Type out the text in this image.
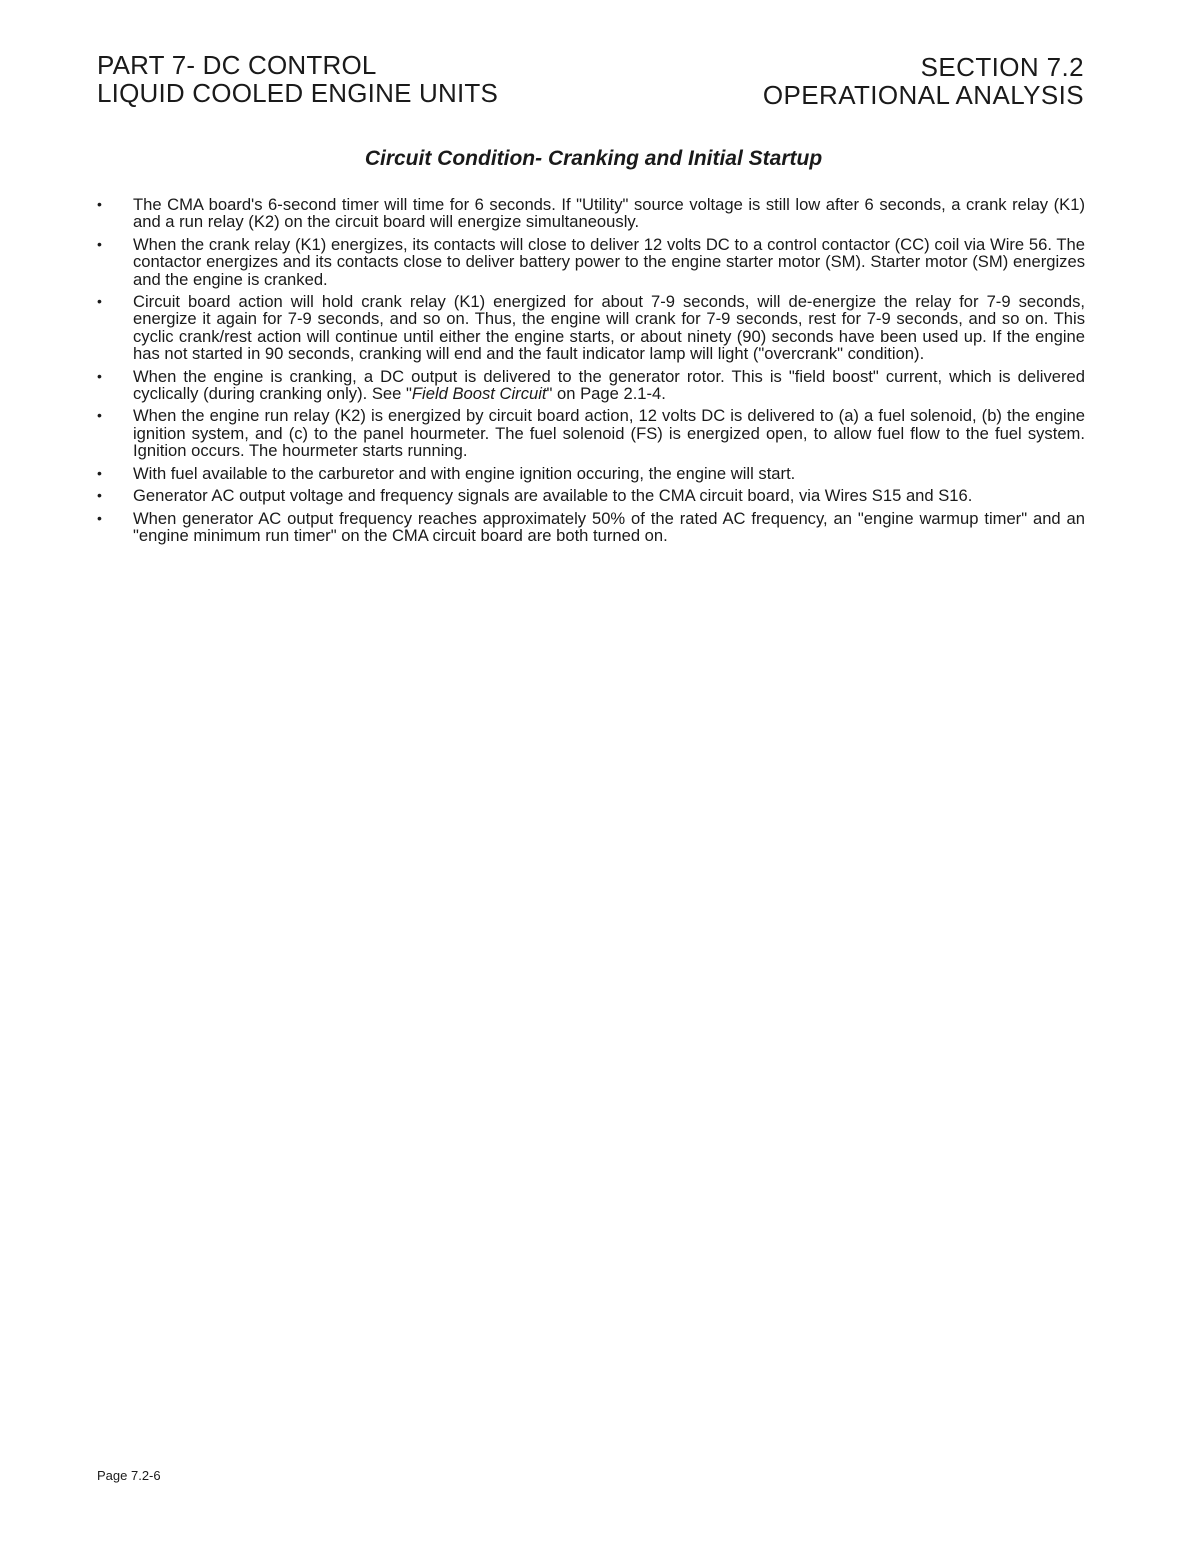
PART 7- DC CONTROL
LIQUID COOLED ENGINE UNITS
SECTION 7.2
OPERATIONAL ANALYSIS
Circuit Condition- Cranking and Initial Startup
•	The CMA board's 6-second timer will time for 6 seconds. If "Utility" source voltage is still low after 6 seconds, a crank relay (K1) and a run relay (K2) on the circuit board will energize simultaneously.
•	When the crank relay (K1) energizes, its contacts will close to deliver 12 volts DC to a control contactor (CC) coil via Wire 56. The contactor energizes and its contacts close to deliver battery power to the engine starter motor (SM). Starter motor (SM) energizes and the engine is cranked.
•	Circuit board action will hold crank relay (K1) energized for about 7-9 seconds, will de-energize the relay for 7-9 seconds, energize it again for 7-9 seconds, and so on. Thus, the engine will crank for 7-9 seconds, rest for 7-9 seconds, and so on. This cyclic crank/rest action will continue until either the engine starts, or about ninety (90) seconds have been used up. If the engine has not started in 90 seconds, cranking will end and the fault indicator lamp will light ("overcrank" condition).
•	When the engine is cranking, a DC output is delivered to the generator rotor. This is "field boost" current, which is delivered cyclically (during cranking only). See "Field Boost Circuit" on Page 2.1-4.
•	When the engine run relay (K2) is energized by circuit board action, 12 volts DC is delivered to (a) a fuel solenoid, (b) the engine ignition system, and (c) to the panel hourmeter. The fuel solenoid (FS) is energized open, to allow fuel flow to the fuel system. Ignition occurs. The hourmeter starts running.
•	With fuel available to the carburetor and with engine ignition occuring, the engine will start.
•	Generator AC output voltage and frequency signals are available to the CMA circuit board, via Wires S15 and S16.
•	When generator AC output frequency reaches approximately 50% of the rated AC frequency, an "engine warmup timer" and an "engine minimum run timer" on the CMA circuit board are both turned on.
Page 7.2-6
